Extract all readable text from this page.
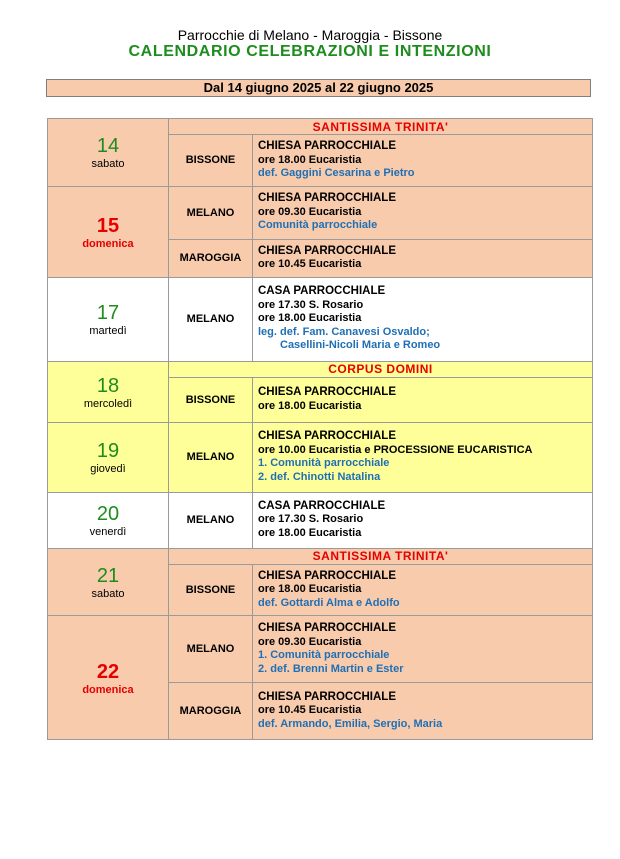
Parrocchie di Melano - Maroggia - Bissone
CALENDARIO CELEBRAZIONI E INTENZIONI
Dal 14 giugno 2025 al 22 giugno 2025
14
sabato	SANTISSIMA TRINITA'	
	BISSONE	CHIESA PARROCCHIALE
ore 18.00 Eucaristia
def. Gaggini Cesarina e Pietro

15
domenica	MELANO	CHIESA PARROCCHIALE
ore 09.30 Eucaristia
Comunità parrocchiale

	MAROGGIA	CHIESA PARROCCHIALE
ore 10.45 Eucaristia

17
martedì	MELANO	CASA PARROCCHIALE
ore 17.30 S. Rosario
ore 18.00 Eucaristia
leg. def. Fam. Canavesi Osvaldo;
Casellini-Nicoli Maria e Romeo

18
mercoledì	CORPUS DOMINI	
	BISSONE	CHIESA PARROCCHIALE
ore 18.00 Eucaristia

19
giovedì	MELANO	CHIESA PARROCCHIALE
ore 10.00 Eucaristia e PROCESSIONE EUCARISTICA
1. Comunità parrocchiale
2. def. Chinotti Natalina

20
venerdì	MELANO	CASA PARROCCHIALE
ore 17.30 S. Rosario
ore 18.00 Eucaristia

21
sabato	SANTISSIMA TRINITA'	
	BISSONE	CHIESA PARROCCHIALE
ore 18.00 Eucaristia
def. Gottardi Alma e Adolfo

22
domenica	MELANO	CHIESA PARROCCHIALE
ore 09.30 Eucaristia
1. Comunità parrocchiale
2. def. Brenni Martin e Ester

	MAROGGIA	CHIESA PARROCCHIALE
ore 10.45 Eucaristia
def. Armando, Emilia, Sergio, Maria
